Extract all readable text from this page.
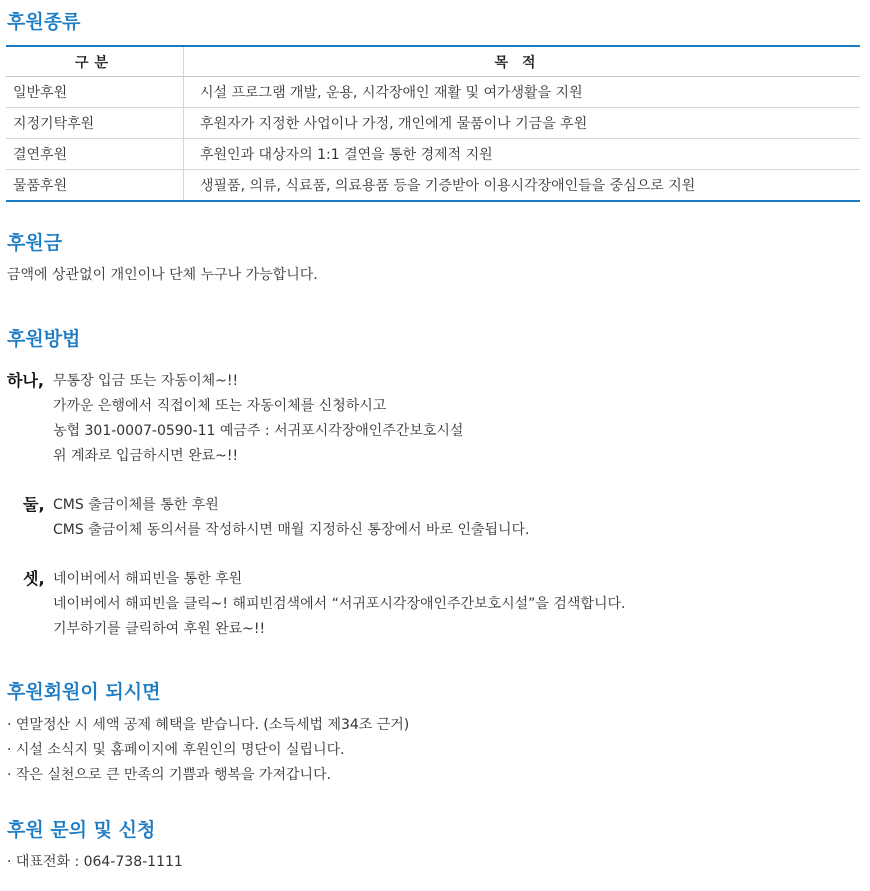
후원종류
구분	목적
일반후원	시설 프로그램 개발, 운용, 시각장애인 재활 및 여가생활을 지원
지정기탁후원	후원자가 지정한 사업이나 가정, 개인에게 물품이나 기금을 후원
결연후원	후원인과 대상자의 1:1 결연을 통한 경제적 지원
물품후원	생필품, 의류, 식료품, 의료용품 등을 기증받아 이용시각장애인들을 중심으로 지원
후원금
금액에 상관없이 개인이나 단체 누구나 가능합니다.
후원방법
하나, 무통장 입금 또는 자동이체~!!
가까운 은행에서 직접이체 또는 자동이체를 신청하시고
농협 301-0007-0590-11 예금주 : 서귀포시각장애인주간보호시설
위 계좌로 입금하시면 완료~!!
둘, CMS 출금이체를 통한 후원
CMS 출금이체 동의서를 작성하시면 매월 지정하신 통장에서 바로 인출됩니다.
셋, 네이버에서 해피빈을 통한 후원
네이버에서 해피빈을 클릭~! 해피빈검색에서 “서귀포시각장애인주간보호시설”을 검색합니다.
기부하기를 클릭하여 후원 완료~!!
후원회원이 되시면
· 연말정산 시 세액 공제 혜택을 받습니다. (소득세법 제34조 근거)
· 시설 소식지 및 홈페이지에 후원인의 명단이 실립니다.
· 작은 실천으로 큰 만족의 기쁨과 행복을 가져갑니다.
후원 문의 및 신청
· 대표전화 : 064-738-1111
